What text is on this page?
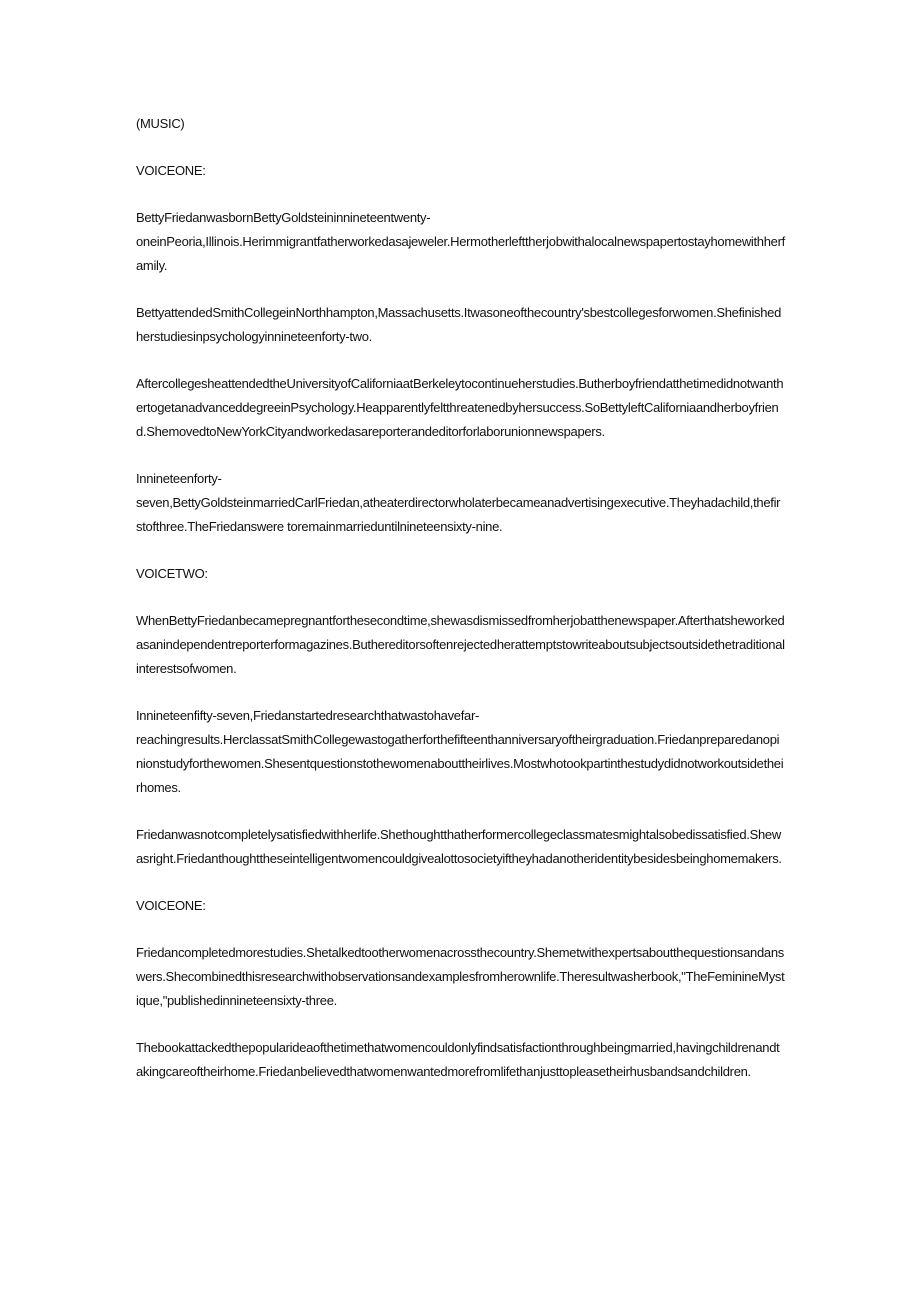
(MUSIC)

VOICEONE:

BettyFriedanwasbornBettyGoldsteininnineteentwenty-
oneinPeoria,Illinois.Herimmigrantfatherworkedasajeweler.Hermotherlefttherjobwithalocalnewspapertostayhomewithherfamily.

BettyattendedSmithCollegeinNorthhampton,Massachusetts.Itwasoneofthecountry'sbestcollegesforwomen.Shefinishedherstudiesinpsychologyinnineteenforty-two.

AftercollegesheattendedtheUniversityofCaliforniaatBerkeleytocontinueherstudies.ButherboyfriendatthetimedidnotwanthertogetanadvanceddegreeinPsychology.Heapparentlyfeltthreatenedbyhersuccess.SoBettyleftCaliforniaandherboyfriend.ShemovedtoNewYorkCityandworkedasareporterandeditorforlaborunionnewspapers.

Innineteenforty-
seven,BettyGoldsteinmarriedCarlFriedan,atheaterdirectorwholaterbecameanadvertisingexecutive.Theyhadachild,thefirstofthree.TheFriedanswere toremainmarrieduntilnineteensixty-nine.

VOICETWO:

WhenBettyFriedanbecamepregnantforthesecondtime,shewasdismissedfromherjobatthenewspaper.Afterthatsheworkedasanindependentreporterformagazines.Buthereditorsoftenrejectedherattemptstowriteaboutsubjectsoutsidethetraditionalinterestsofwomen.

Innineteenfifty-seven,Friedanstartedresearchthatwastohavefar-
reachingresults.HerclassatSmithCollegewastogatherforthefifteenthanniversaryoftheirgraduation.Friedanpreparedanopinionstudyforthewomen.Shesentquestionstothewomenabouttheirlives.Mostwhotookpartinthestudydidnotworkoutsidetheirhomes.

Friedanwasnotcompletelysatisfiedwithherlife.Shethoughtthatherformercollegeclassmatesmightalsobedissatisfied.Shewasright.Friedanthoughttheseintelligentwomencouldgivealottosocietyiftheyhadanotheridentitybesidesbeinghomemakers.

VOICEONE:

Friedancompletedmorestudies.Shetalkedtootherwomenacrossthecountry.Shemetwithexpertsaboutthequestionsandanswers.Shecombinedthisresearchwithobservationsandexamplesfromherownlife.Theresultwasherbook,"TheFeminineMystique,"publishedinnineteensixty-three.

Thebookattackedthepopularideaofthetimethatwomencouldonlyfindsatisfactionthroughbeingmarried,havingchildrenandtakingcareoftheirhome.Friedanbelievedthatwomenwantedmorefromlifethanjusttopleasetheirhusbandsandchildren.
